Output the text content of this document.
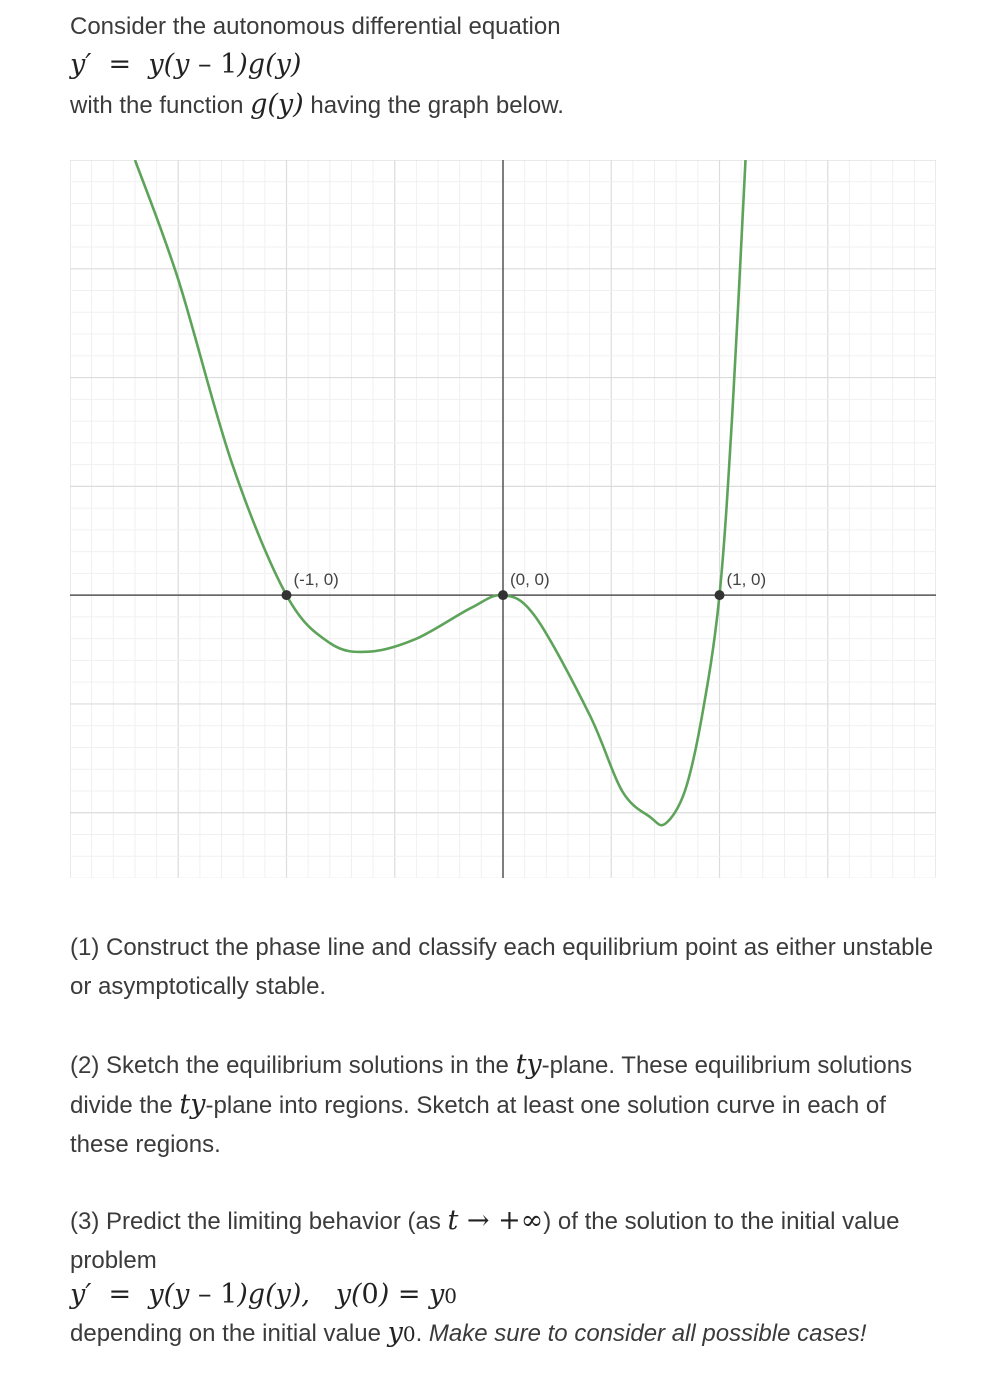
Consider the autonomous differential equation
y′  =  y(y – 1)g(y)
with the function g(y) having the graph below.
(-1, 0)	(0, 0)	(1, 0)
(1) Construct the phase line and classify each equilibrium point as either unstable or asymptotically stable.
(2) Sketch the equilibrium solutions in the ty-plane. These equilibrium solutions divide the ty-plane into regions. Sketch at least one solution curve in each of these regions.
(3) Predict the limiting behavior (as t → +∞) of the solution to the initial value problem
y′  =  y(y – 1)g(y),   y(0) = y0
depending on the initial value y0. Make sure to consider all possible cases!
